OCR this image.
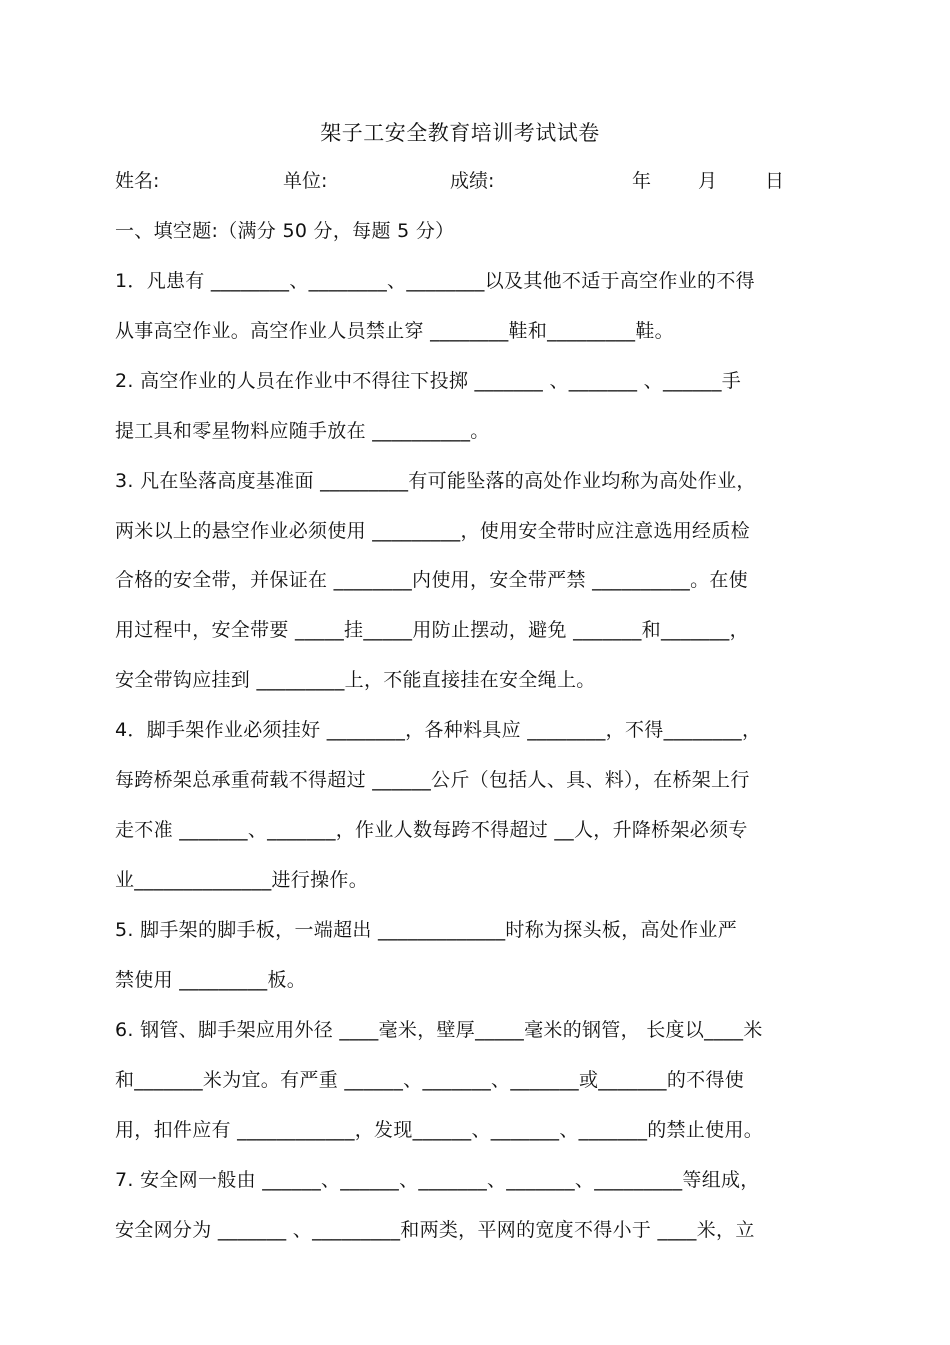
架子工安全教育培训考试试卷
姓名:	单位:	成绩:	年 月	日
一、填空题:（满分 50 分，每题 5 分）
1．凡患有 ________、________、________以及其他不适于高空作业的不得
从事高空作业。高空作业人员禁止穿 ________鞋和_________鞋。
2. 高空作业的人员在作业中不得往下投掷 _______ 、_______ 、______手
提工具和零星物料应随手放在 __________。
3. 凡在坠落高度基准面 _________有可能坠落的高处作业均称为高处作业，
两米以上的悬空作业必须使用 _________，使用安全带时应注意选用经质检
合格的安全带，并保证在 ________内使用，安全带严禁 __________。在使
用过程中，安全带要 _____挂_____用防止摆动，避免 _______和_______，
安全带钩应挂到 _________上，不能直接挂在安全绳上。
4．脚手架作业必须挂好 ________，各种料具应 ________，不得________，
每跨桥架总承重荷载不得超过 ______公斤（包括人、具、料），在桥架上行
走不准 _______、_______，作业人数每跨不得超过 __人，升降桥架必须专
业______________进行操作。
5. 脚手架的脚手板，一端超出 _____________时称为探头板，高处作业严
禁使用 _________板。
6. 钢管、脚手架应用外径 ____毫米，壁厚_____毫米的钢管， 长度以____米
和_______米为宜。有严重 ______、_______、_______或_______的不得使
用，扣件应有 ____________，发现______、_______、_______的禁止使用。
7. 安全网一般由 ______、______、_______、_______、_________等组成，
安全网分为 _______ 、_________和两类，平网的宽度不得小于 ____米，立
